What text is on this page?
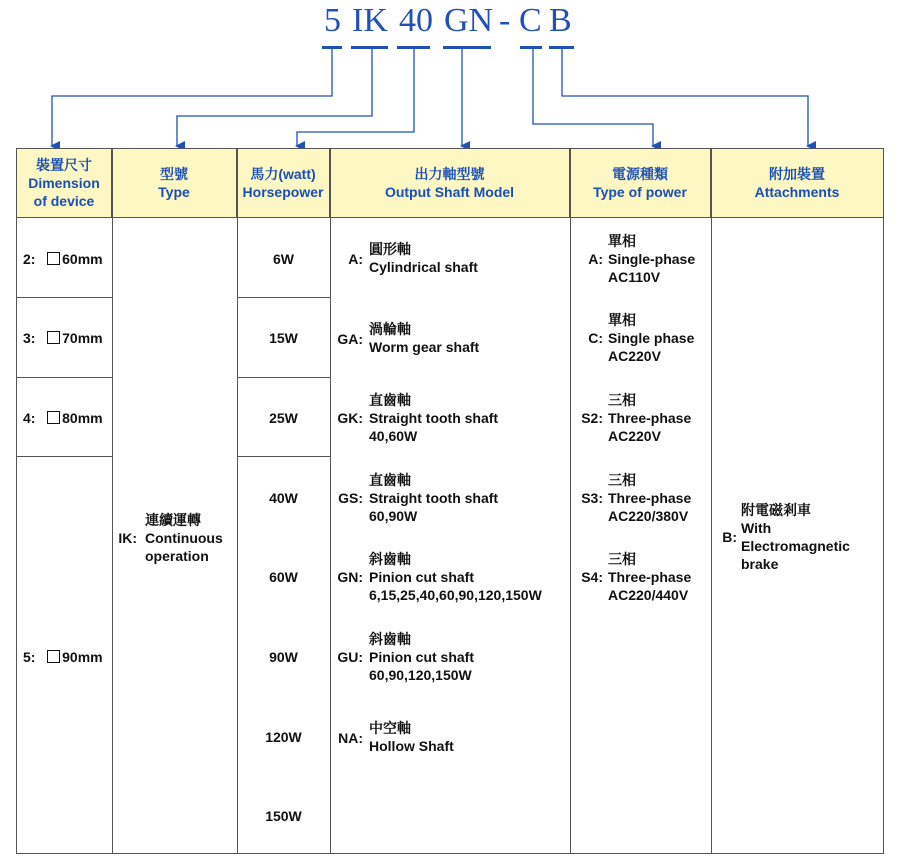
5 IK 40 GN - C B
裝置尺寸
Dimension
of device
型號
Type
馬力(watt)
Horsepower
出力軸型號
Output Shaft Model
電源種類
Type of power
附加裝置
Attachments
2: 60mm
3: 70mm
4: 80mm
5: 90mm
IK:
連續運轉
Continuous
operation
6W
15W
25W
40W
60W
90W
120W
150W
A:
圓形軸
Cylindrical shaft
GA:
渦輪軸
Worm gear shaft
GK:
直齒軸
Straight tooth shaft
40,60W
GS:
直齒軸
Straight tooth shaft
60,90W
GN:
斜齒軸
Pinion cut shaft
6,15,25,40,60,90,120,150W
GU:
斜齒軸
Pinion cut shaft
60,90,120,150W
NA:
中空軸
Hollow Shaft
A:
單相
Single-phase
AC110V
C:
單相
Single phase
AC220V
S2:
三相
Three-phase
AC220V
S3:
三相
Three-phase
AC220/380V
S4:
三相
Three-phase
AC220/440V
B:
附電磁剎車
With
Electromagnetic
brake
